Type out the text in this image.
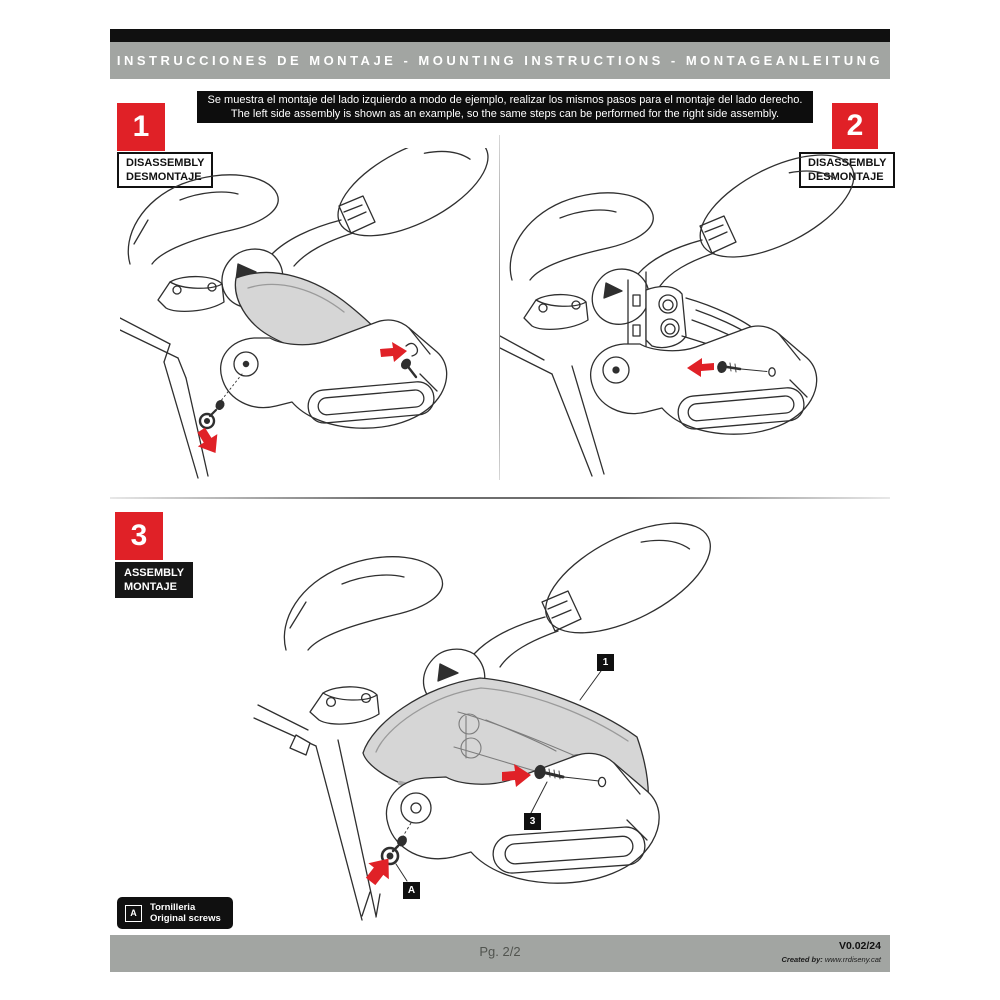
INSTRUCCIONES DE MONTAJE - MOUNTING INSTRUCTIONS - MONTAGEANLEITUNG
Se muestra el montaje del lado izquierdo a modo de ejemplo, realizar los mismos pasos para el montaje del lado derecho.
The left side assembly is shown as an example, so the same steps can be performed for the right side assembly.
1
DISASSEMBLY
DESMONTAJE
2
DISASSEMBLY
DESMONTAJE
3
ASSEMBLY
MONTAJE
1
3
A
A Tornilleria
Original screws
Pg. 2/2	V0.02/24
Created by: www.rrdiseny.cat
